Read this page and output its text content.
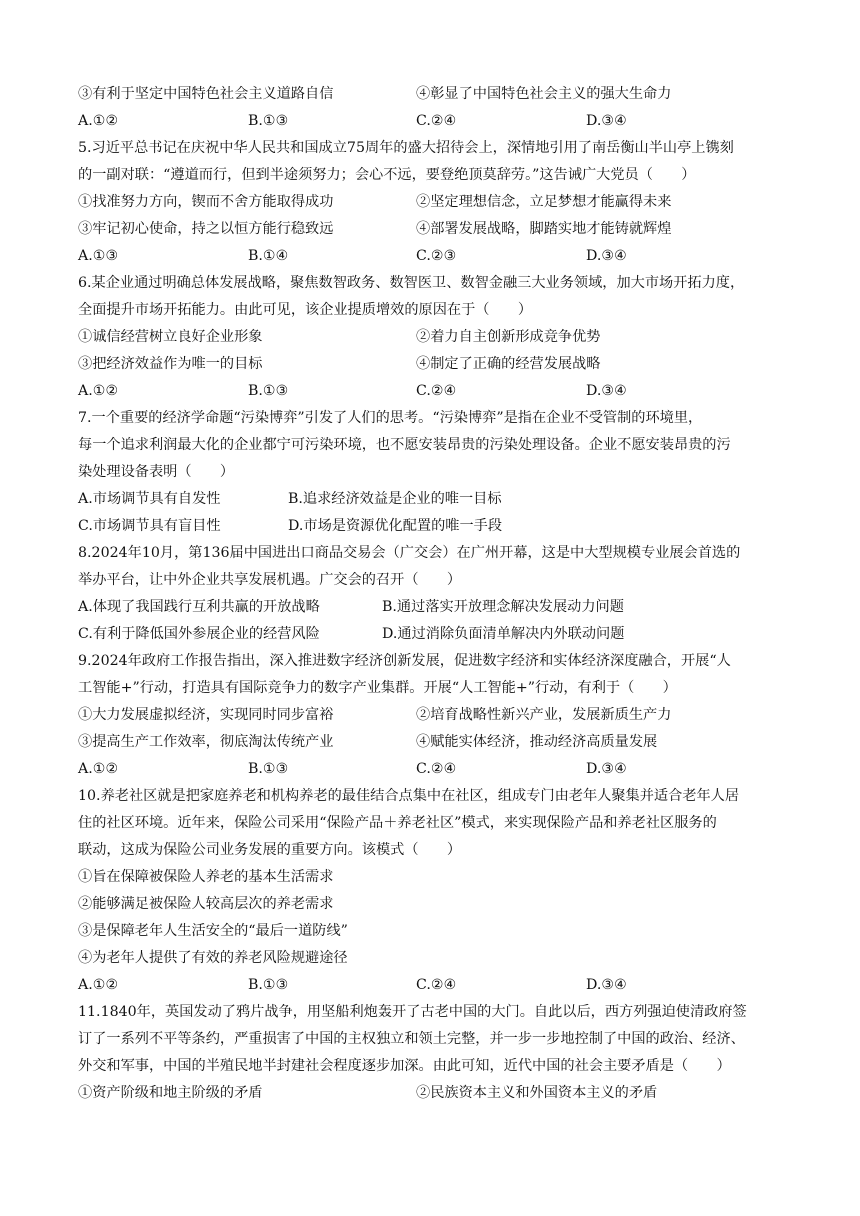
③有利于坚定中国特色社会主义道路自信	④彰显了中国特色社会主义的强大生命力
A.①②	B.①③	C.②④	D.③④
5.习近平总书记在庆祝中华人民共和国成立75周年的盛大招待会上，深情地引用了南岳衡山半山亭上镌刻
的一副对联：“遵道而行，但到半途须努力；会心不远，要登绝顶莫辞劳。”这告诫广大党员（　　）
①找准努力方向，锲而不舍方能取得成功	②坚定理想信念，立足梦想才能赢得未来
③牢记初心使命，持之以恒方能行稳致远	④部署发展战略，脚踏实地才能铸就辉煌
A.①③	B.①④	C.②③	D.③④
6.某企业通过明确总体发展战略，聚焦数智政务、数智医卫、数智金融三大业务领域，加大市场开拓力度，
全面提升市场开拓能力。由此可见，该企业提质增效的原因在于（　　）
①诚信经营树立良好企业形象	②着力自主创新形成竞争优势
③把经济效益作为唯一的目标	④制定了正确的经营发展战略
A.①②	B.①③	C.②④	D.③④
7.一个重要的经济学命题“污染博弈”引发了人们的思考。“污染博弈”是指在企业不受管制的环境里，
每一个追求利润最大化的企业都宁可污染环境，也不愿安装昂贵的污染处理设备。企业不愿安装昂贵的污
染处理设备表明（　　）
A.市场调节具有自发性	B.追求经济效益是企业的唯一目标
C.市场调节具有盲目性	D.市场是资源优化配置的唯一手段
8.2024年10月，第136届中国进出口商品交易会（广交会）在广州开幕，这是中大型规模专业展会首选的
举办平台，让中外企业共享发展机遇。广交会的召开（　　）
A.体现了我国践行互利共赢的开放战略	B.通过落实开放理念解决发展动力问题
C.有利于降低国外参展企业的经营风险	D.通过消除负面清单解决内外联动问题
9.2024年政府工作报告指出，深入推进数字经济创新发展，促进数字经济和实体经济深度融合，开展“人
工智能+”行动，打造具有国际竞争力的数字产业集群。开展“人工智能+”行动，有利于（　　）
①大力发展虚拟经济，实现同时同步富裕	②培育战略性新兴产业，发展新质生产力
③提高生产工作效率，彻底淘汰传统产业	④赋能实体经济，推动经济高质量发展
A.①②	B.①③	C.②④	D.③④
10.养老社区就是把家庭养老和机构养老的最佳结合点集中在社区，组成专门由老年人聚集并适合老年人居
住的社区环境。近年来，保险公司采用“保险产品＋养老社区”模式，来实现保险产品和养老社区服务的
联动，这成为保险公司业务发展的重要方向。该模式（　　）
①旨在保障被保险人养老的基本生活需求
②能够满足被保险人较高层次的养老需求
③是保障老年人生活安全的“最后一道防线”
④为老年人提供了有效的养老风险规避途径
A.①②	B.①③	C.②④	D.③④
11.1840年，英国发动了鸦片战争，用坚船利炮轰开了古老中国的大门。自此以后，西方列强迫使清政府签
订了一系列不平等条约，严重损害了中国的主权独立和领土完整，并一步一步地控制了中国的政治、经济、
外交和军事，中国的半殖民地半封建社会程度逐步加深。由此可知，近代中国的社会主要矛盾是（　　）
①资产阶级和地主阶级的矛盾	②民族资本主义和外国资本主义的矛盾
